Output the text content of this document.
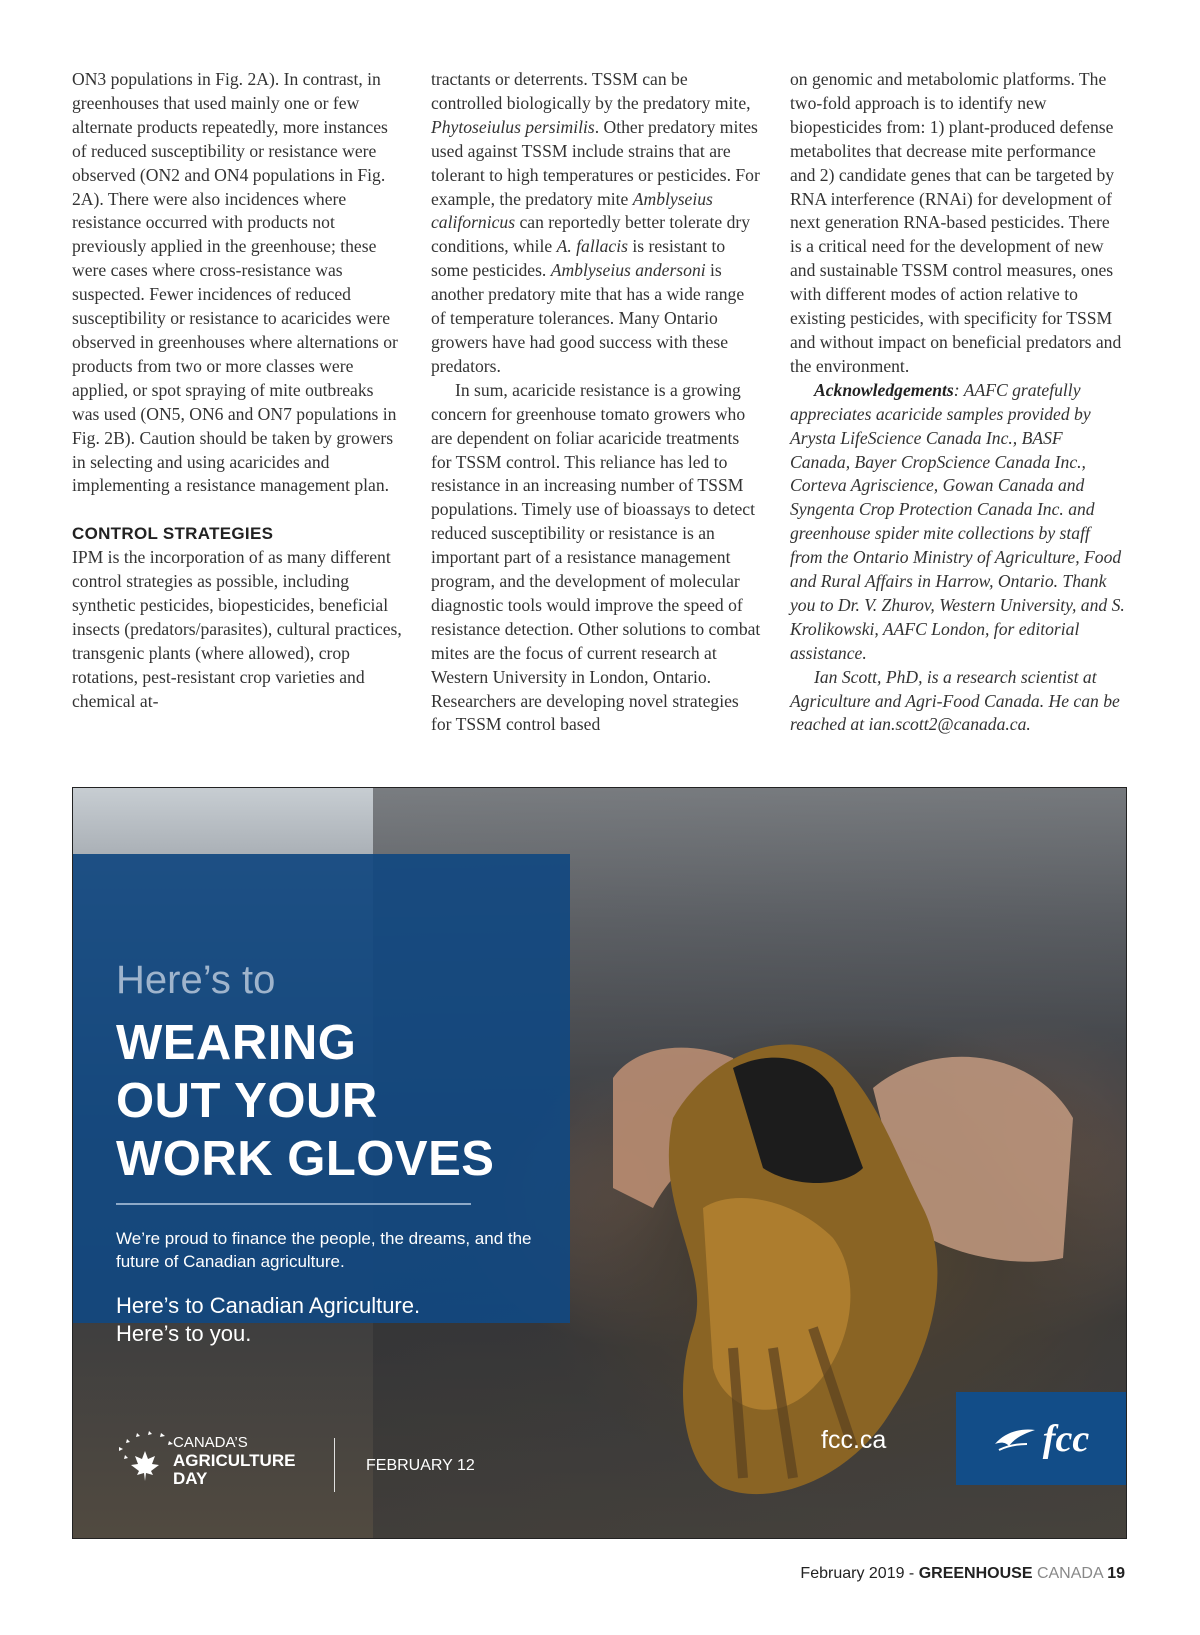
ON3 populations in Fig. 2A). In contrast, in greenhouses that used mainly one or few alternate products repeatedly, more instances of reduced susceptibility or resistance were observed (ON2 and ON4 populations in Fig. 2A). There were also incidences where resistance occurred with products not previously applied in the greenhouse; these were cases where cross-resistance was suspected. Fewer incidences of reduced susceptibility or resistance to acaricides were observed in greenhouses where alternations or products from two or more classes were applied, or spot spraying of mite outbreaks was used (ON5, ON6 and ON7 populations in Fig. 2B). Caution should be taken by growers in selecting and using acaricides and implementing a resistance management plan.

CONTROL STRATEGIES

IPM is the incorporation of as many different control strategies as possible, including synthetic pesticides, biopesticides, beneficial insects (predators/parasites), cultural practices, transgenic plants (where allowed), crop rotations, pest-resistant crop varieties and chemical at-

tractants or deterrents. TSSM can be controlled biologically by the predatory mite, Phytoseiulus persimilis. Other predatory mites used against TSSM include strains that are tolerant to high temperatures or pesticides. For example, the predatory mite Amblyseius californicus can reportedly better tolerate dry conditions, while A. fallacis is resistant to some pesticides. Amblyseius andersoni is another predatory mite that has a wide range of temperature tolerances. Many Ontario growers have had good success with these predators.

In sum, acaricide resistance is a growing concern for greenhouse tomato growers who are dependent on foliar acaricide treatments for TSSM control. This reliance has led to resistance in an increasing number of TSSM populations. Timely use of bioassays to detect reduced susceptibility or resistance is an important part of a resistance management program, and the development of molecular diagnostic tools would improve the speed of resistance detection. Other solutions to combat mites are the focus of current research at Western University in London, Ontario. Researchers are developing novel strategies for TSSM control based

on genomic and metabolomic platforms. The two-fold approach is to identify new biopesticides from: 1) plant-produced defense metabolites that decrease mite performance and 2) candidate genes that can be targeted by RNA interference (RNAi) for development of next generation RNA-based pesticides. There is a critical need for the development of new and sustainable TSSM control measures, ones with different modes of action relative to existing pesticides, with specificity for TSSM and without impact on beneficial predators and the environment.

Acknowledgements: AAFC gratefully appreciates acaricide samples provided by Arysta LifeScience Canada Inc., BASF Canada, Bayer CropScience Canada Inc., Corteva Agriscience, Gowan Canada and Syngenta Crop Protection Canada Inc. and greenhouse spider mite collections by staff from the Ontario Ministry of Agriculture, Food and Rural Affairs in Harrow, Ontario. Thank you to Dr. V. Zhurov, Western University, and S. Krolikowski, AAFC London, for editorial assistance.

Ian Scott, PhD, is a research scientist at Agriculture and Agri-Food Canada. He can be reached at ian.scott2@canada.ca.

Here’s to

WEARING
OUT YOUR
WORK GLOVES

We’re proud to finance the people, the dreams, and the future of Canadian agriculture.

Here’s to Canadian Agriculture.
Here’s to you.
CANADA’S
AGRICULTURE
DAY
FEBRUARY 12
fcc.ca	fcc
February 2019 - GREENHOUSE CANADA 19
